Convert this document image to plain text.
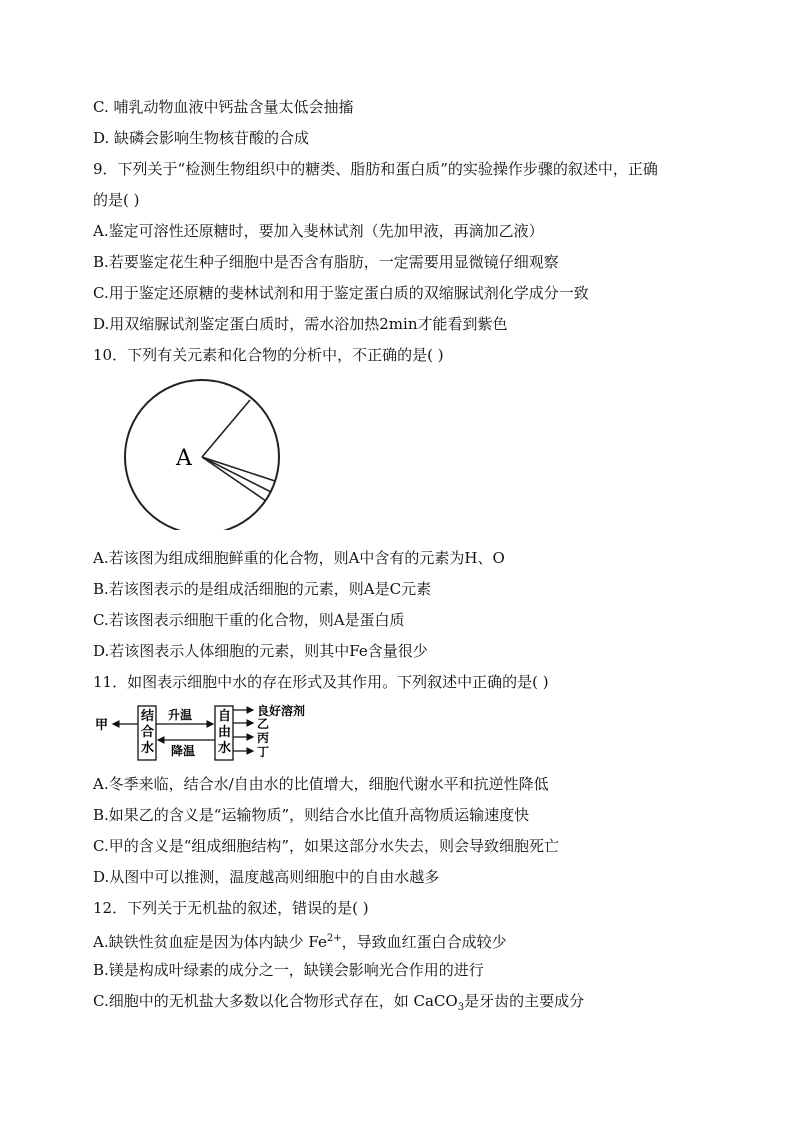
C. 哺乳动物血液中钙盐含量太低会抽搐
D. 缺磷会影响生物核苷酸的合成
9．下列关于“检测生物组织中的糖类、脂肪和蛋白质”的实验操作步骤的叙述中，正确
的是( )
A.鉴定可溶性还原糖时，要加入斐林试剂（先加甲液，再滴加乙液）
B.若要鉴定花生种子细胞中是否含有脂肪，一定需要用显微镜仔细观察
C.用于鉴定还原糖的斐林试剂和用于鉴定蛋白质的双缩脲试剂化学成分一致
D.用双缩脲试剂鉴定蛋白质时，需水浴加热2min才能看到紫色
10．下列有关元素和化合物的分析中，不正确的是( )
A
A.若该图为组成细胞鲜重的化合物，则A中含有的元素为H、O
B.若该图表示的是组成活细胞的元素，则A是C元素
C.若该图表示细胞干重的化合物，则A是蛋白质
D.若该图表示人体细胞的元素，则其中Fe含量很少
11．如图表示细胞中水的存在形式及其作用。下列叙述中正确的是( )
甲
结
合
水
升温
降温
自
由
水
良好溶剂
乙
丙
丁
A.冬季来临，结合水/自由水的比值增大，细胞代谢水平和抗逆性降低
B.如果乙的含义是“运输物质”，则结合水比值升高物质运输速度快
C.甲的含义是“组成细胞结构”，如果这部分水失去，则会导致细胞死亡
D.从图中可以推测，温度越高则细胞中的自由水越多
12．下列关于无机盐的叙述，错误的是( )
A.缺铁性贫血症是因为体内缺少 $Fe^{2+}$，导致血红蛋白合成较少
B.镁是构成叶绿素的成分之一，缺镁会影响光合作用的进行
C.细胞中的无机盐大多数以化合物形式存在，如 CaCO$_3$是牙齿的主要成分
